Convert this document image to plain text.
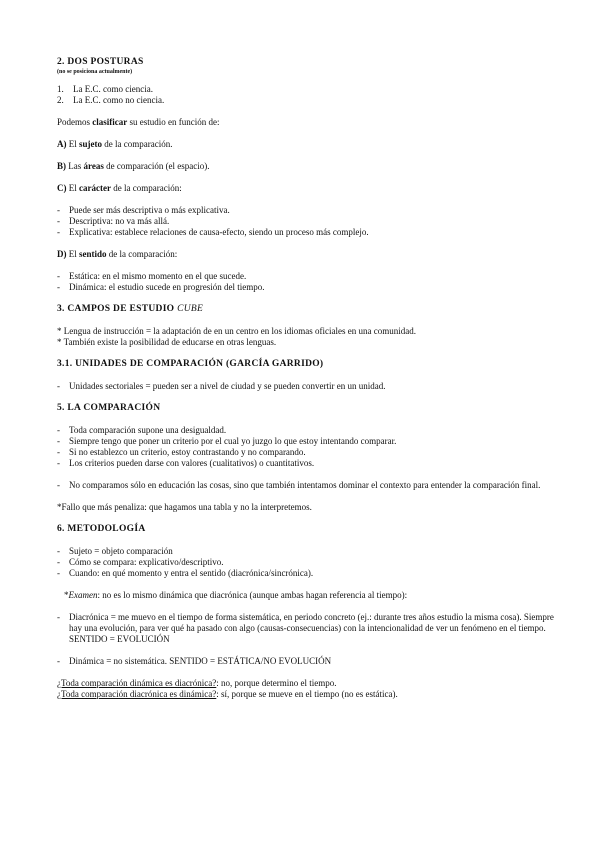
2. DOS POSTURAS
(no se posiciona actualmente)
1. La E.C. como ciencia.
2. La E.C. como no ciencia.

Podemos clasificar su estudio en función de:

A) El sujeto de la comparación.

B) Las áreas de comparación (el espacio).

C) El carácter de la comparación:

- Puede ser más descriptiva o más explicativa.
- Descriptiva: no va más allá.
- Explicativa: establece relaciones de causa-efecto, siendo un proceso más complejo.

D) El sentido de la comparación:

- Estática: en el mismo momento en el que sucede.
- Dinámica: el estudio sucede en progresión del tiempo.
3. CAMPOS DE ESTUDIO CUBE

* Lengua de instrucción = la adaptación de en un centro en los idiomas oficiales en una comunidad.

* También existe la posibilidad de educarse en otras lenguas.

3.1. UNIDADES DE COMPARACIÓN (GARCÍA GARRIDO)
- Unidades sectoriales = pueden ser a nivel de ciudad y se pueden convertir en un unidad.
5. LA COMPARACIÓN
- Toda comparación supone una desigualdad.
- Siempre tengo que poner un criterio por el cual yo juzgo lo que estoy intentando comparar.
- Si no establezco un criterio, estoy contrastando y no comparando.
- Los criterios pueden darse con valores (cualitativos) o cuantitativos.
- No comparamos sólo en educación las cosas, sino que también intentamos dominar el contexto para entender la comparación final.

*Fallo que más penaliza: que hagamos una tabla y no la interpretemos.

6. METODOLOGÍA
- Sujeto = objeto comparación
- Cómo se compara: explicativo/descriptivo.
- Cuando: en qué momento y entra el sentido (diacrónica/sincrónica).

*Examen: no es lo mismo dinámica que diacrónica (aunque ambas hagan referencia al tiempo):

- Diacrónica = me muevo en el tiempo de forma sistemática, en periodo concreto (ej.: durante tres años estudio la misma cosa). Siempre hay una evolución, para ver qué ha pasado con algo (causas-consecuencias) con la intencionalidad de ver un fenómeno en el tiempo. SENTIDO = EVOLUCIÓN
- Dinámica = no sistemática. SENTIDO = ESTÁTICA/NO EVOLUCIÓN

¿Toda comparación dinámica es diacrónica?: no, porque determino el tiempo.

¿Toda comparación diacrónica es dinámica?: sí, porque se mueve en el tiempo (no es estática).
